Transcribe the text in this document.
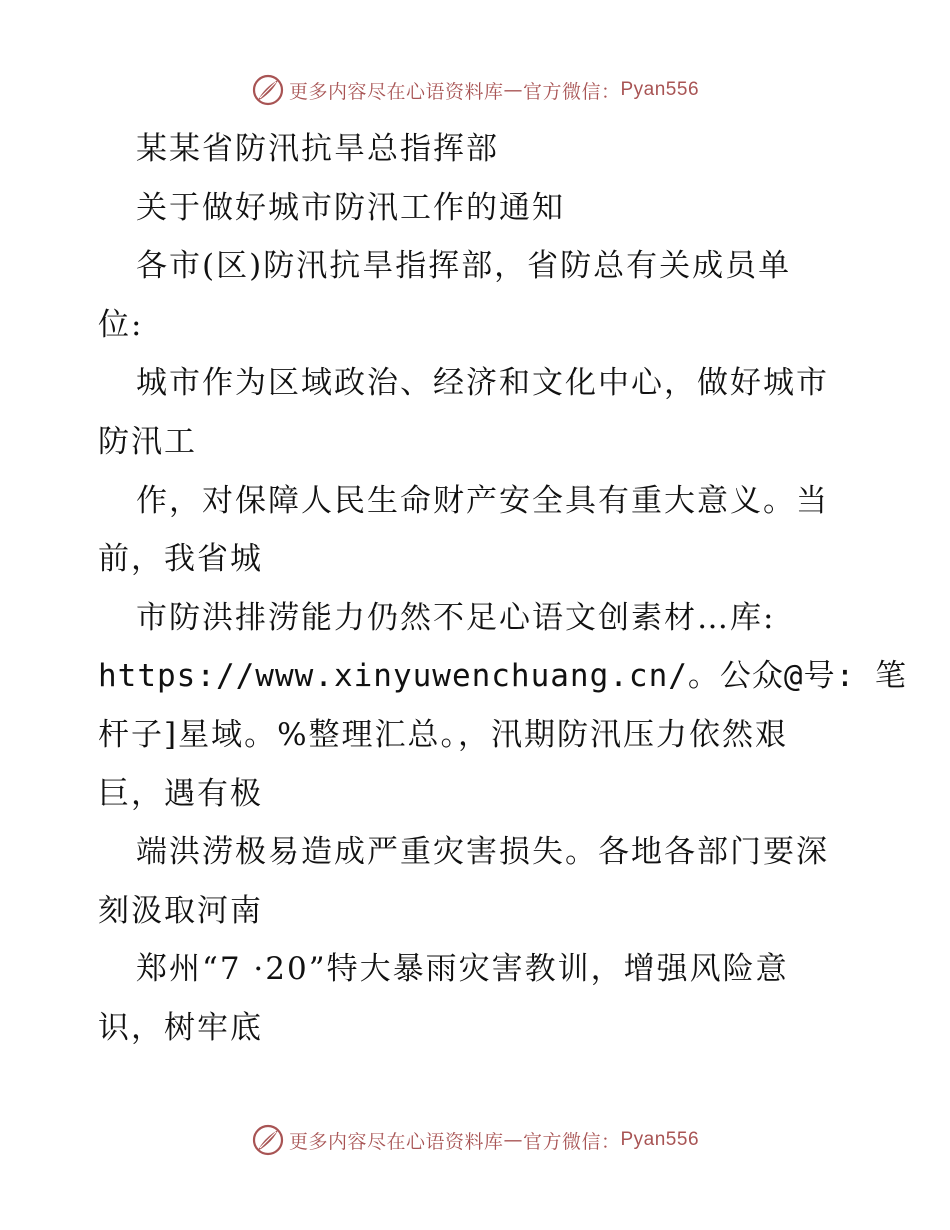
更多内容尽在心语资料库 — 官方微信： Pyan556
某某省防汛抗旱总指挥部
关于做好城市防汛工作的通知
各市(区)防汛抗旱指挥部，省防总有关成员单
位:
城市作为区域政治、经济和文化中心，做好城市
防汛工
作，对保障人民生命财产安全具有重大意义。当
前，我省城
市防洪排涝能力仍然不足心语文创素材…库:
https://www.xinyuwenchuang.cn/。公众@号: 笔
杆子]星域。%整理汇总。，汛期防汛压力依然艰
巨，遇有极
端洪涝极易造成严重灾害损失。各地各部门要深
刻汲取河南
郑州“7 ·20”特大暴雨灾害教训，增强风险意
识，树牢底
更多内容尽在心语资料库 — 官方微信： Pyan556
